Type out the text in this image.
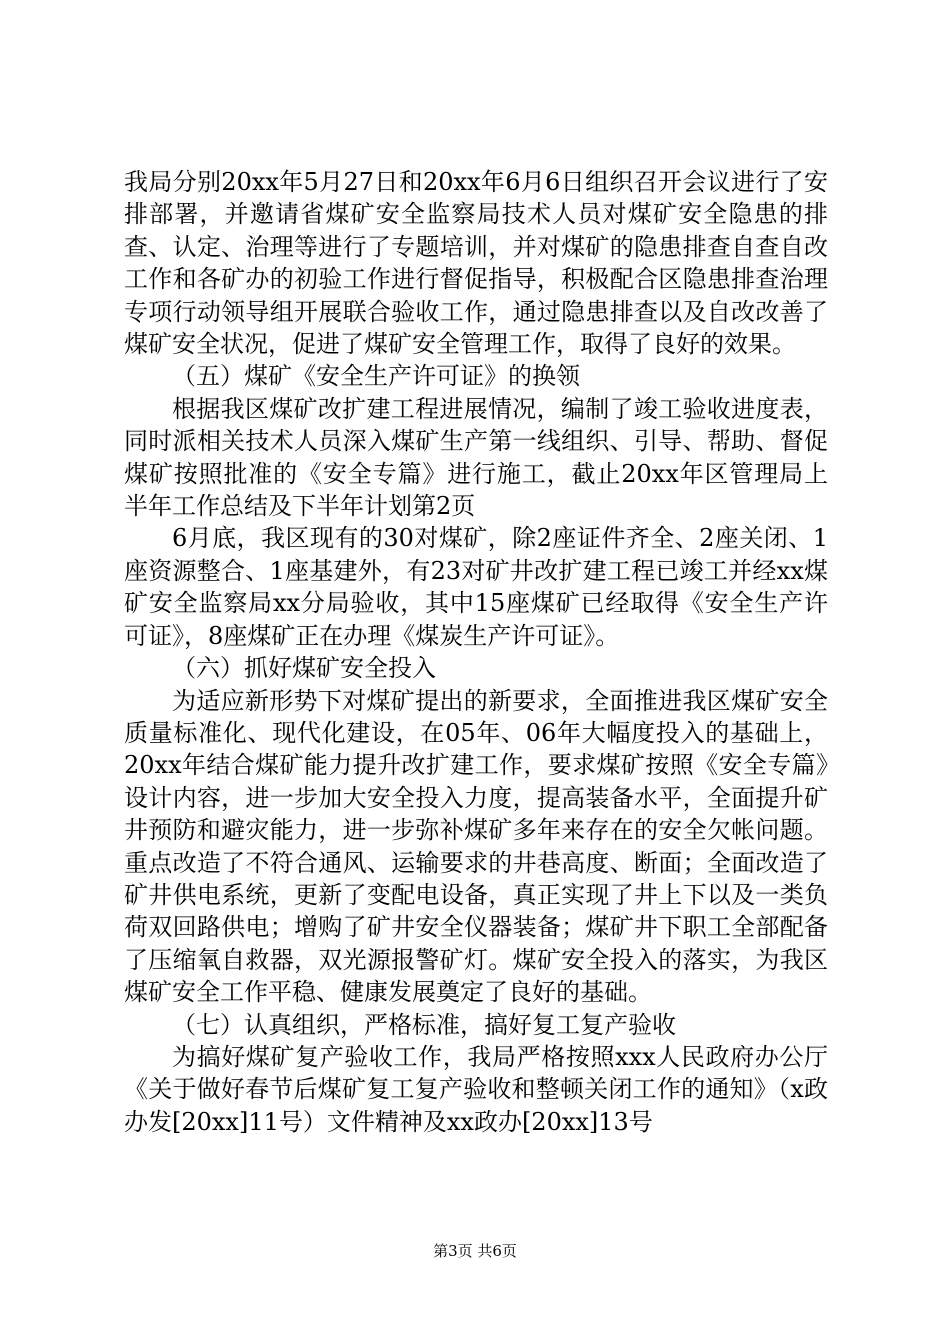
我局分别20xx年5月27日和20xx年6月6日组织召开会议进行了安排部署，并邀请省煤矿安全监察局技术人员对煤矿安全隐患的排查、认定、治理等进行了专题培训，并对煤矿的隐患排查自查自改工作和各矿办的初验工作进行督促指导，积极配合区隐患排查治理专项行动领导组开展联合验收工作，通过隐患排查以及自改改善了煤矿安全状况，促进了煤矿安全管理工作，取得了良好的效果。

（五）煤矿《安全生产许可证》的换领

根据我区煤矿改扩建工程进展情况，编制了竣工验收进度表，同时派相关技术人员深入煤矿生产第一线组织、引导、帮助、督促煤矿按照批准的《安全专篇》进行施工，截止20xx年区管理局上半年工作总结及下半年计划第2页

6月底，我区现有的30对煤矿，除2座证件齐全、2座关闭、1座资源整合、1座基建外，有23对矿井改扩建工程已竣工并经xx煤矿安全监察局xx分局验收，其中15座煤矿已经取得《安全生产许可证》，8座煤矿正在办理《煤炭生产许可证》。

（六）抓好煤矿安全投入

为适应新形势下对煤矿提出的新要求，全面推进我区煤矿安全质量标准化、现代化建设，在05年、06年大幅度投入的基础上，20xx年结合煤矿能力提升改扩建工作，要求煤矿按照《安全专篇》设计内容，进一步加大安全投入力度，提高装备水平，全面提升矿井预防和避灾能力，进一步弥补煤矿多年来存在的安全欠帐问题。重点改造了不符合通风、运输要求的井巷高度、断面；全面改造了矿井供电系统，更新了变配电设备，真正实现了井上下以及一类负荷双回路供电；增购了矿井安全仪器装备；煤矿井下职工全部配备了压缩氧自救器，双光源报警矿灯。煤矿安全投入的落实，为我区煤矿安全工作平稳、健康发展奠定了良好的基础。

（七）认真组织，严格标准，搞好复工复产验收

为搞好煤矿复产验收工作，我局严格按照xxx人民政府办公厅《关于做好春节后煤矿复工复产验收和整顿关闭工作的通知》（x政办发[20xx]11号）文件精神及xx政办[20xx]13号

第3页 共6页
